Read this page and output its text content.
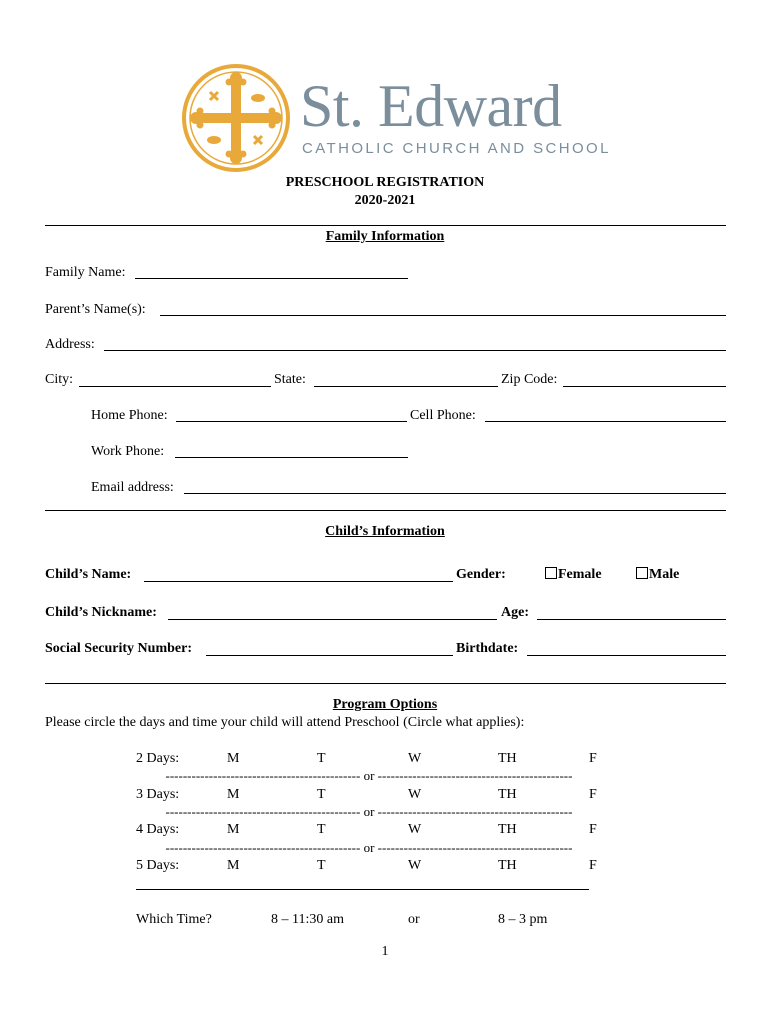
St. Edward
CATHOLIC CHURCH AND SCHOOL
PRESCHOOL REGISTRATION
2020-2021
Family Information
Family Name:
Parent’s Name(s):
Address:
City:	State:	Zip Code:
Home Phone:	Cell Phone:
Work Phone:
Email address:
Child’s Information
Child’s Name:	Gender:	Female	Male
Child’s Nickname:	Age:
Social Security Number:	Birthdate:
Program Options
Please circle the days and time your child will attend Preschool (Circle what applies):
2 Days:	M	T	W	TH	F
--------------------------------------------- or ---------------------------------------------
3 Days:	M	T	W	TH	F
--------------------------------------------- or ---------------------------------------------
4 Days:	M	T	W	TH	F
--------------------------------------------- or ---------------------------------------------
5 Days:	M	T	W	TH	F
Which Time?	8 – 11:30 am	or	8 – 3 pm
1
